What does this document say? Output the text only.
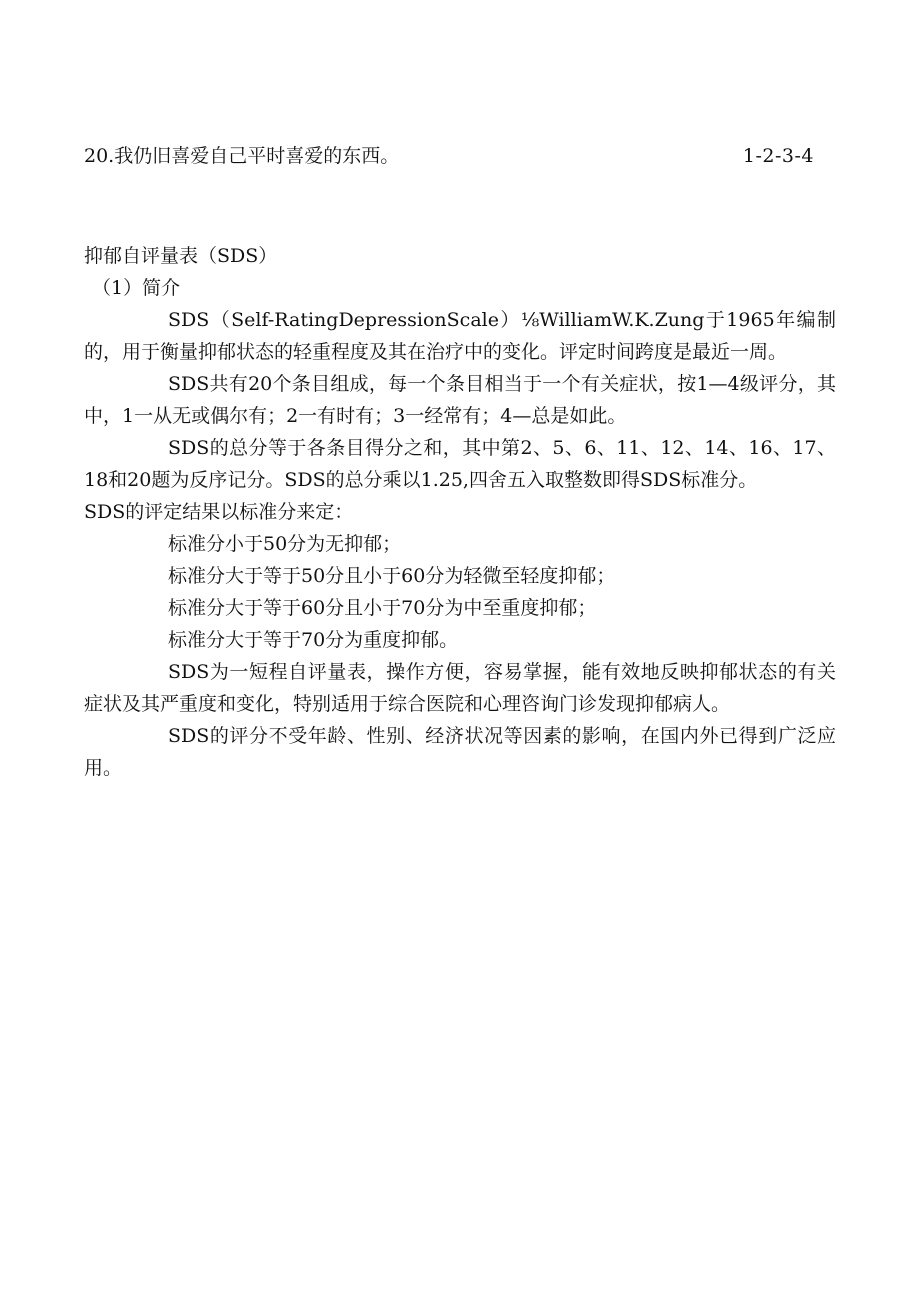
20.我仍旧喜爱自己平时喜爱的东西。	1-2-3-4

抑郁自评量表（SDS）

（1）简介

SDS（Self-RatingDepressionScale）⅛WilliamW.K.Zung于1965年编制的，用于衡量抑郁状态的轻重程度及其在治疗中的变化。评定时间跨度是最近一周。

SDS共有20个条目组成，每一个条目相当于一个有关症状，按1—4级评分，其中，1一从无或偶尔有；2一有时有；3一经常有；4—总是如此。

SDS的总分等于各条目得分之和，其中第2、5、6、11、12、14、16、17、18和20题为反序记分。SDS的总分乘以1.25,四舍五入取整数即得SDS标准分。

SDS的评定结果以标准分来定：

标准分小于50分为无抑郁；
标准分大于等于50分且小于60分为轻微至轻度抑郁；
标准分大于等于60分且小于70分为中至重度抑郁；
标准分大于等于70分为重度抑郁。

SDS为一短程自评量表，操作方便，容易掌握，能有效地反映抑郁状态的有关症状及其严重度和变化，特别适用于综合医院和心理咨询门诊发现抑郁病人。

SDS的评分不受年龄、性别、经济状况等因素的影响，在国内外已得到广泛应用。
